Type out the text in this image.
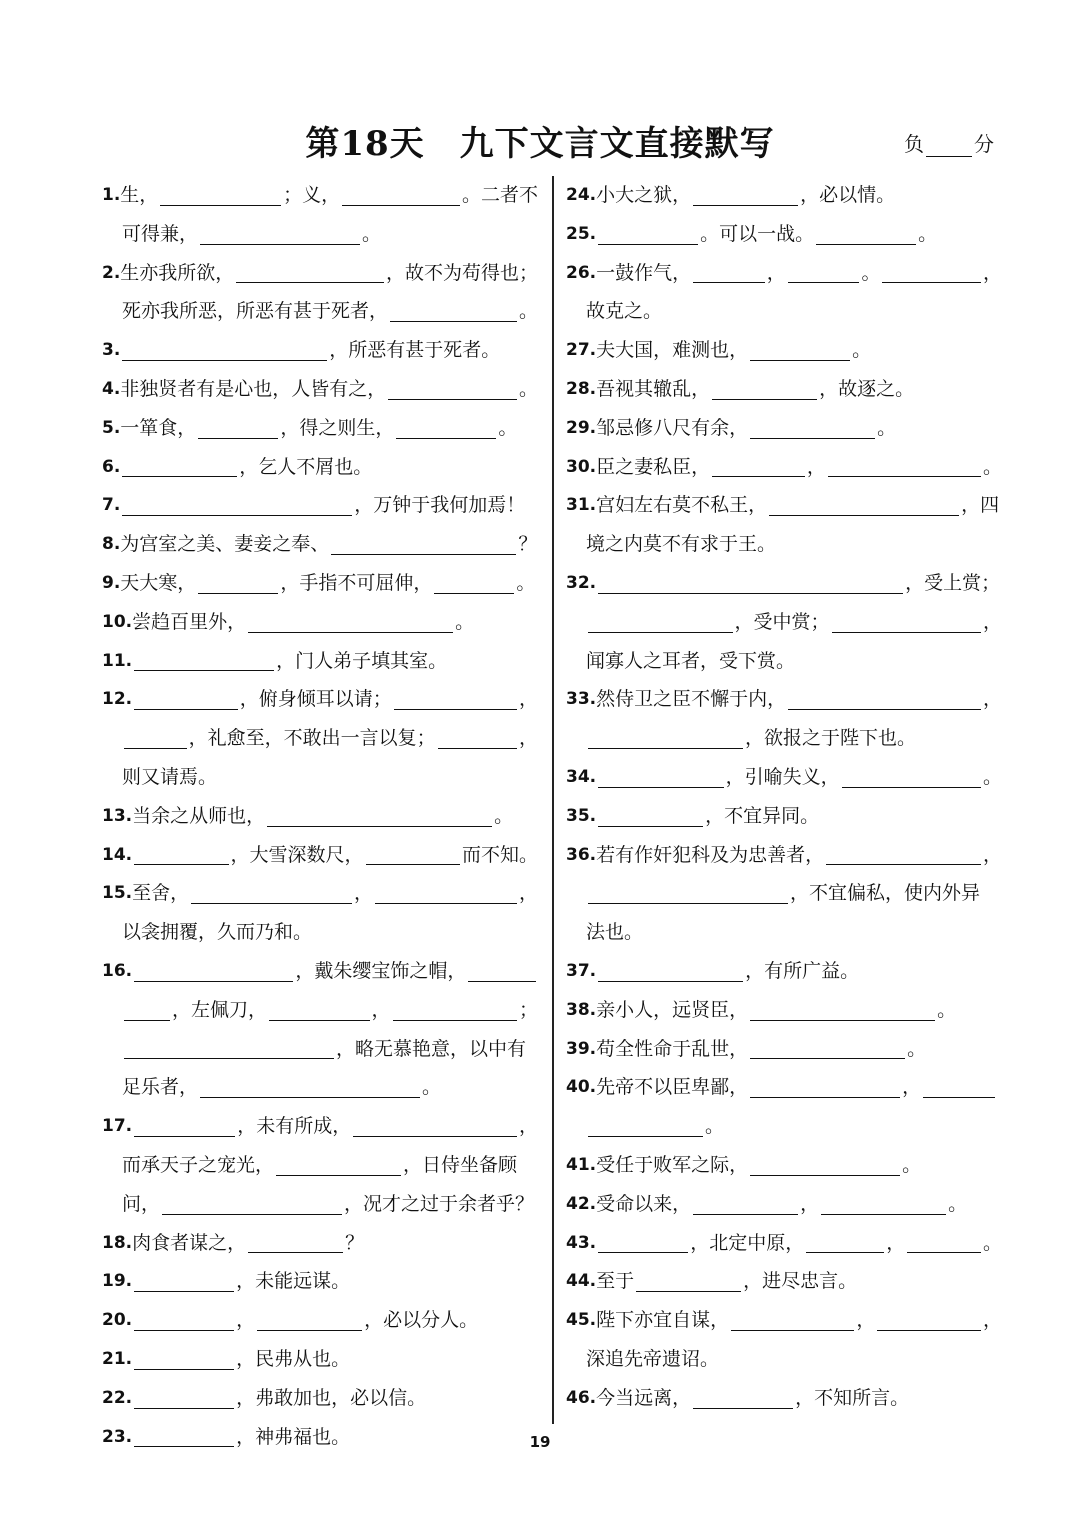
第18天　九下文言文直接默写	负	分
1. 生，	；义，	。二者不
可得兼，	。
2. 生亦我所欲，	，故不为苟得也；
死亦我所恶，所恶有甚于死者，	。
3.	，所恶有甚于死者。
4. 非独贤者有是心也，人皆有之，	。
5. 一箪食，	，得之则生，	。
6.	，乞人不屑也。
7.	，万钟于我何加焉！
8. 为宫室之美、妻妾之奉、	？
9. 天大寒，	，手指不可屈伸，	。
10. 尝趋百里外，	。
11.	，门人弟子填其室。
12.	，俯身倾耳以请；	，
，礼愈至，不敢出一言以复；	，
则又请焉。
13. 当余之从师也，	。
14.	，大雪深数尺，	而不知。
15. 至舍，	，	，
以衾拥覆，久而乃和。
16.	，戴朱缨宝饰之帽，
，左佩刀，	，	；
，略无慕艳意，以中有
足乐者，	。
17.	，未有所成，	，
而承天子之宠光，	，日侍坐备顾
问，	，况才之过于余者乎？
18. 肉食者谋之，	？
19.	，未能远谋。
20.	，	，必以分人。
21.	，民弗从也。
22.	，弗敢加也，必以信。
23.	，神弗福也。
24. 小大之狱，	，必以情。
25.	。可以一战。	。
26. 一鼓作气，	，	。	，
故克之。
27. 夫大国，难测也，	。
28. 吾视其辙乱，	，故逐之。
29. 邹忌修八尺有余，	。
30. 臣之妻私臣，	，	。
31. 宫妇左右莫不私王，	，四
境之内莫不有求于王。
32.	，受上赏；
，受中赏；	，
闻寡人之耳者，受下赏。
33. 然侍卫之臣不懈于内，	，
，欲报之于陛下也。
34.	，引喻失义，	。
35.	，不宜异同。
36. 若有作奸犯科及为忠善者，	，
，不宜偏私，使内外异
法也。
37.	，有所广益。
38. 亲小人，远贤臣，	。
39. 苟全性命于乱世，	。
40. 先帝不以臣卑鄙，	，
。
41. 受任于败军之际，	。
42. 受命以来，	，	。
43.	，北定中原，	，	。
44. 至于	，进尽忠言。
45. 陛下亦宜自谋，	，	，
深追先帝遗诏。
46. 今当远离，	，不知所言。
19
